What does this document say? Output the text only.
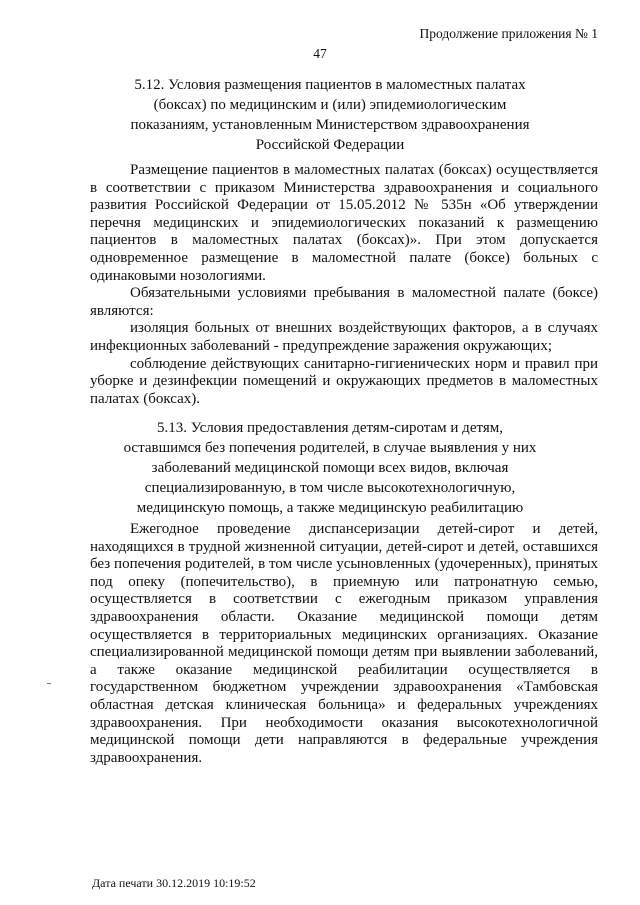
Продолжение приложения № 1
47
5.12. Условия размещения пациентов в маломестных палатах
(боксах) по медицинским и (или) эпидемиологическим
показаниям, установленным Министерством здравоохранения
Российской Федерации

Размещение пациентов в маломестных палатах (боксах) осуществляется в соответствии с приказом Министерства здравоохранения и социального развития Российской Федерации от 15.05.2012 № 535н «Об утверждении перечня медицинских и эпидемиологических показаний к размещению пациентов в маломестных палатах (боксах)». При этом допускается одновременное размещение в маломестной палате (боксе) больных с одинаковыми нозологиями.

Обязательными условиями пребывания в маломестной палате (боксе) являются:

изоляция больных от внешних воздействующих факторов, а в случаях инфекционных заболеваний - предупреждение заражения окружающих;

соблюдение действующих санитарно-гигиенических норм и правил при уборке и дезинфекции помещений и окружающих предметов в маломестных палатах (боксах).

5.13. Условия предоставления детям-сиротам и детям,
оставшимся без попечения родителей, в случае выявления у них
заболеваний медицинской помощи всех видов, включая
специализированную, в том числе высокотехнологичную,
медицинскую помощь, а также медицинскую реабилитацию

Ежегодное проведение диспансеризации детей-сирот и детей, находящихся в трудной жизненной ситуации, детей-сирот и детей, оставшихся без попечения родителей, в том числе усыновленных (удочеренных), принятых под опеку (попечительство), в приемную или патронатную семью, осуществляется в соответствии с ежегодным приказом управления здравоохранения области. Оказание медицинской помощи детям осуществляется в территориальных медицинских организациях. Оказание специализированной медицинской помощи детям при выявлении заболеваний, а также оказание медицинской реабилитации осуществляется в государственном бюджетном учреждении здравоохранения «Тамбовская областная детская клиническая больница» и федеральных учреждениях здравоохранения. При необходимости оказания высокотехнологичной медицинской помощи дети направляются в федеральные учреждения здравоохранения.

Дата печати 30.12.2019 10:19:52
